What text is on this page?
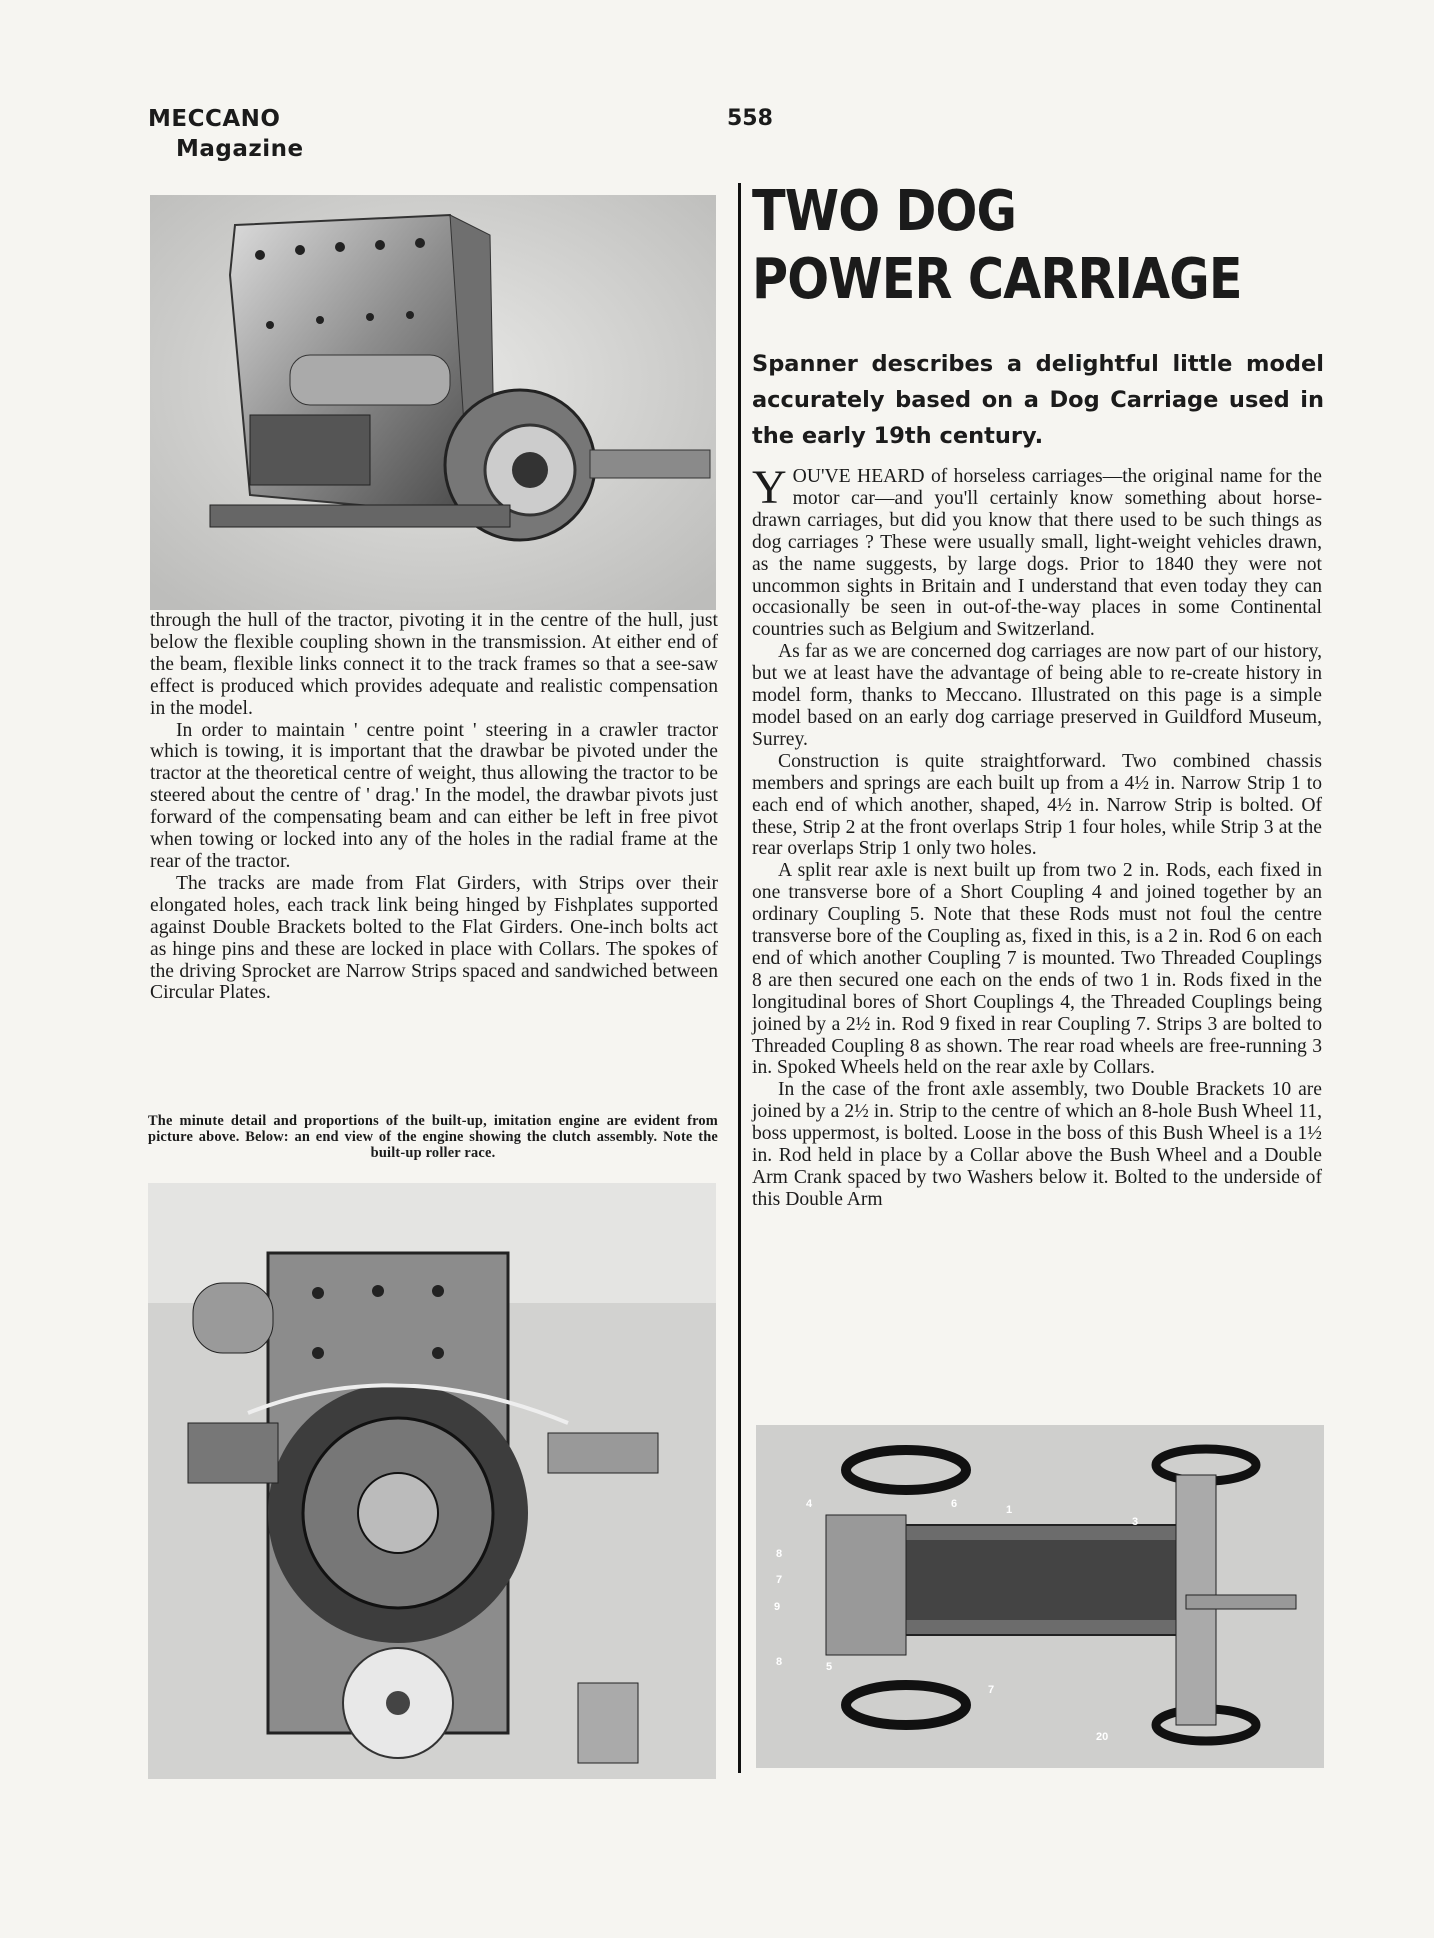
MECCANO
Magazine
558

through the hull of the tractor, pivoting it in the centre of the hull, just below the flexible coupling shown in the transmission. At either end of the beam, flexible links connect it to the track frames so that a see-saw effect is produced which provides adequate and realistic compensation in the model.

In order to maintain ' centre point ' steering in a crawler tractor which is towing, it is important that the drawbar be pivoted under the tractor at the theoretical centre of weight, thus allowing the tractor to be steered about the centre of ' drag.' In the model, the drawbar pivots just forward of the compensating beam and can either be left in free pivot when towing or locked into any of the holes in the radial frame at the rear of the tractor.

The tracks are made from Flat Girders, with Strips over their elongated holes, each track link being hinged by Fishplates supported against Double Brackets bolted to the Flat Girders. One-inch bolts act as hinge pins and these are locked in place with Collars. The spokes of the driving Sprocket are Narrow Strips spaced and sandwiched between Circular Plates.

The minute detail and proportions of the built-up, imitation engine are evident from picture above. Below: an end view of the engine showing the clutch assembly. Note the built-up roller race.
TWO DOG
POWER CARRIAGE
Spanner describes a delightful little model accurately based on a Dog Carriage used in the early 19th century.

YOU'VE HEARD of horseless carriages—the original name for the motor car—and you'll certainly know something about horse-drawn carriages, but did you know that there used to be such things as dog carriages ? These were usually small, light-weight vehicles drawn, as the name suggests, by large dogs. Prior to 1840 they were not uncommon sights in Britain and I understand that even today they can occasionally be seen in out-of-the-way places in some Continental countries such as Belgium and Switzerland.

As far as we are concerned dog carriages are now part of our history, but we at least have the advantage of being able to re-create history in model form, thanks to Meccano. Illustrated on this page is a simple model based on an early dog carriage preserved in Guildford Museum, Surrey.

Construction is quite straightforward. Two combined chassis members and springs are each built up from a 4½ in. Narrow Strip 1 to each end of which another, shaped, 4½ in. Narrow Strip is bolted. Of these, Strip 2 at the front overlaps Strip 1 four holes, while Strip 3 at the rear overlaps Strip 1 only two holes.

A split rear axle is next built up from two 2 in. Rods, each fixed in one transverse bore of a Short Coupling 4 and joined together by an ordinary Coupling 5. Note that these Rods must not foul the centre transverse bore of the Coupling as, fixed in this, is a 2 in. Rod 6 on each end of which another Coupling 7 is mounted. Two Threaded Couplings 8 are then secured one each on the ends of two 1 in. Rods fixed in the longitudinal bores of Short Couplings 4, the Threaded Couplings being joined by a 2½ in. Rod 9 fixed in rear Coupling 7. Strips 3 are bolted to Threaded Coupling 8 as shown. The rear road wheels are free-running 3 in. Spoked Wheels held on the rear axle by Collars.

In the case of the front axle assembly, two Double Brackets 10 are joined by a 2½ in. Strip to the centre of which an 8-hole Bush Wheel 11, boss uppermost, is bolted. Loose in the boss of this Bush Wheel is a 1½ in. Rod held in place by a Collar above the Bush Wheel and a Double Arm Crank spaced by two Washers below it. Bolted to the underside of this Double Arm

4	6	1
3
8
7
9
8	5
7
20
